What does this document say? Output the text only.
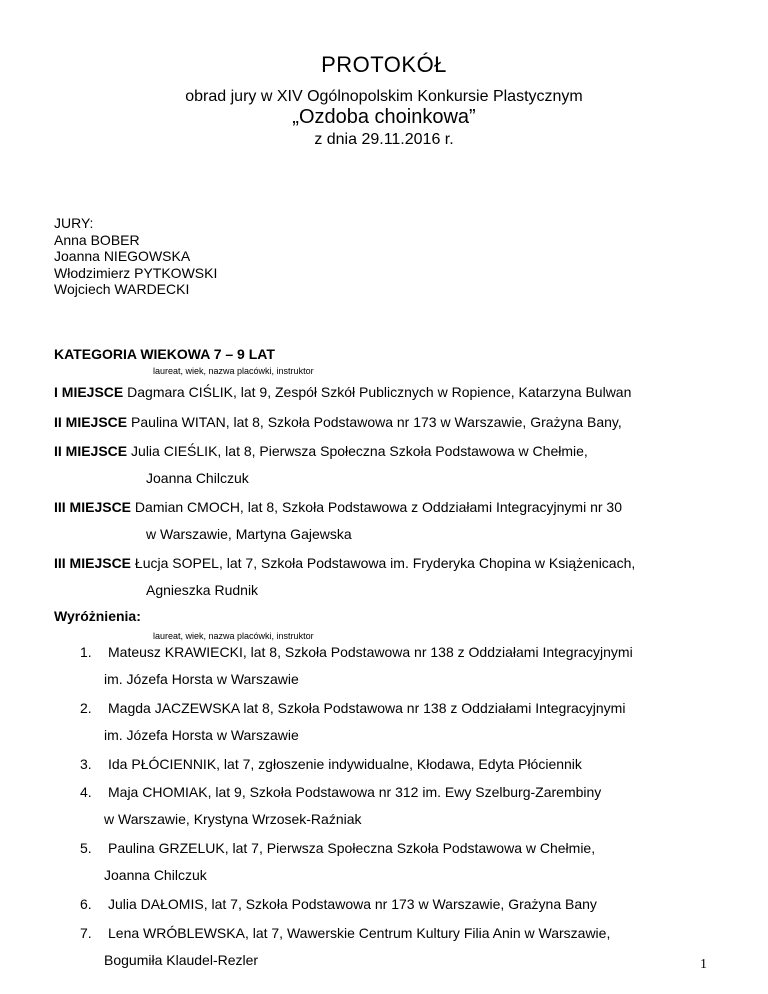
PROTOKÓŁ
obrad jury w XIV Ogólnopolskim Konkursie Plastycznym
„Ozdoba choinkowa”
z dnia 29.11.2016 r.
JURY:
Anna BOBER
Joanna NIEGOWSKA
Włodzimierz PYTKOWSKI
Wojciech WARDECKI
KATEGORIA WIEKOWA 7 – 9 LAT
laureat, wiek, nazwa placówki, instruktor
I MIEJSCE Dagmara CIŚLIK, lat 9, Zespół Szkół Publicznych w Ropience, Katarzyna Bulwan
II MIEJSCE Paulina WITAN, lat 8, Szkoła Podstawowa nr 173 w Warszawie, Grażyna Bany,
II MIEJSCE Julia CIEŚLIK, lat 8, Pierwsza Społeczna Szkoła Podstawowa w Chełmie,
Joanna Chilczuk
III MIEJSCE Damian CMOCH, lat 8, Szkoła Podstawowa z Oddziałami Integracyjnymi nr 30
w Warszawie, Martyna Gajewska
III MIEJSCE Łucja SOPEL, lat 7, Szkoła Podstawowa im. Fryderyka Chopina w Książenicach,
Agnieszka Rudnik
Wyróżnienia:
laureat, wiek, nazwa placówki, instruktor
1. Mateusz KRAWIECKI, lat 8, Szkoła Podstawowa nr 138 z Oddziałami Integracyjnymi
im. Józefa Horsta w Warszawie
2. Magda JACZEWSKA lat 8, Szkoła Podstawowa nr 138 z Oddziałami Integracyjnymi
im. Józefa Horsta w Warszawie
3. Ida PŁÓCIENNIK, lat 7, zgłoszenie indywidualne, Kłodawa, Edyta Płóciennik
4. Maja CHOMIAK, lat 9, Szkoła Podstawowa nr 312 im. Ewy Szelburg-Zarembiny
w Warszawie, Krystyna Wrzosek-Raźniak
5. Paulina GRZELUK, lat 7, Pierwsza Społeczna Szkoła Podstawowa w Chełmie,
Joanna Chilczuk
6. Julia DAŁOMIS, lat 7, Szkoła Podstawowa nr 173 w Warszawie, Grażyna Bany
7. Lena WRÓBLEWSKA, lat 7, Wawerskie Centrum Kultury Filia Anin w Warszawie,
Bogumiła Klaudel-Rezler	1
